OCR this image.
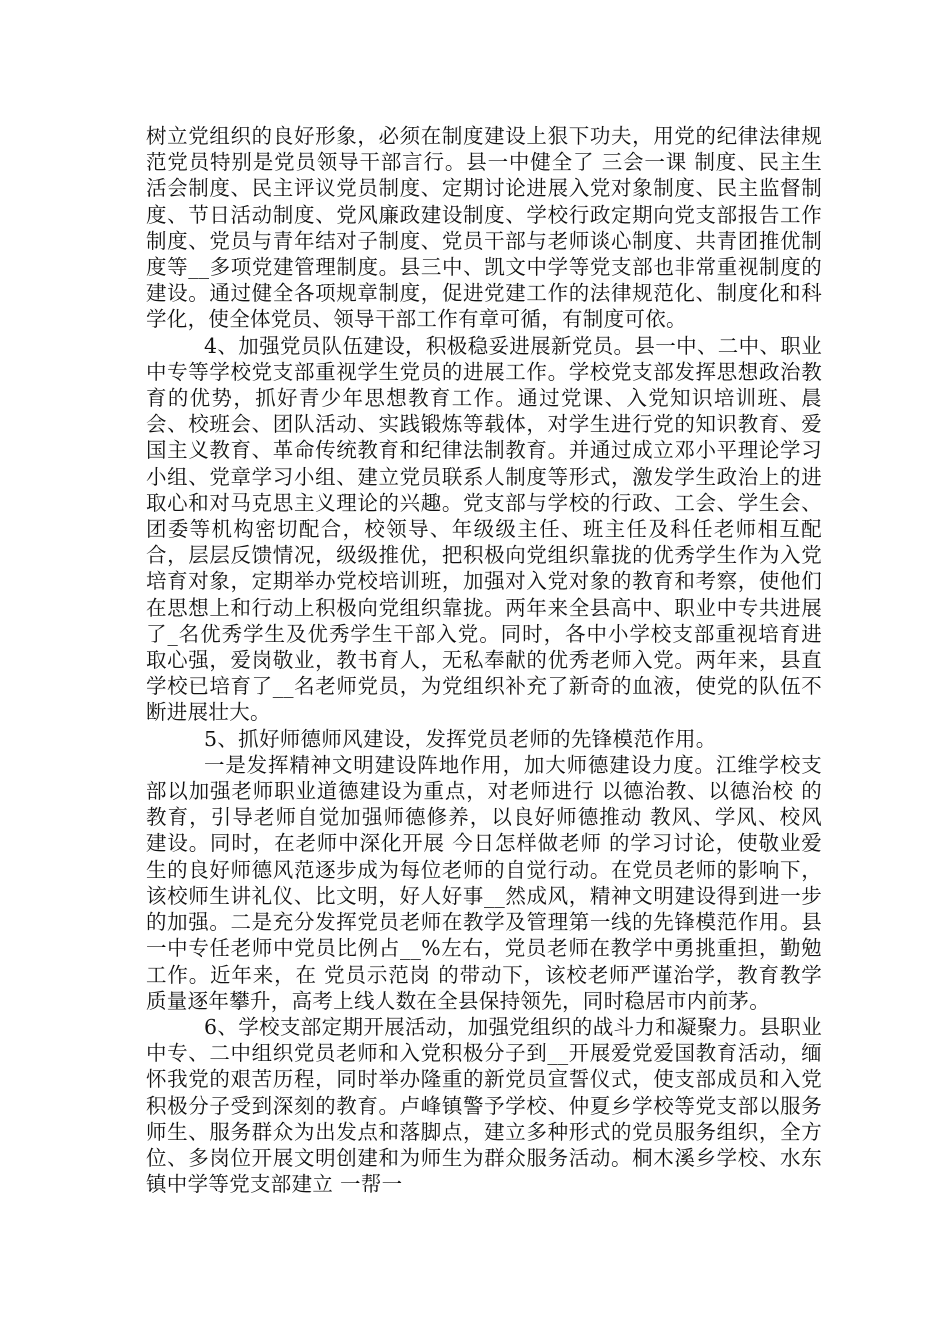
树立党组织的良好形象，必须在制度建设上狠下功夫，用党的纪律法律规范党员特别是党员领导干部言行。县一中健全了 三会一课 制度、民主生活会制度、民主评议党员制度、定期讨论进展入党对象制度、民主监督制度、节日活动制度、党风廉政建设制度、学校行政定期向党支部报告工作制度、党员与青年结对子制度、党员干部与老师谈心制度、共青团推优制度等__多项党建管理制度。县三中、凯文中学等党支部也非常重视制度的建设。通过健全各项规章制度，促进党建工作的法律规范化、制度化和科学化，使全体党员、领导干部工作有章可循，有制度可依。

4、加强党员队伍建设，积极稳妥进展新党员。县一中、二中、职业中专等学校党支部重视学生党员的进展工作。学校党支部发挥思想政治教育的优势，抓好青少年思想教育工作。通过党课、入党知识培训班、晨会、校班会、团队活动、实践锻炼等载体，对学生进行党的知识教育、爱国主义教育、革命传统教育和纪律法制教育。并通过成立邓小平理论学习小组、党章学习小组、建立党员联系人制度等形式，激发学生政治上的进取心和对马克思主义理论的兴趣。党支部与学校的行政、工会、学生会、团委等机构密切配合，校领导、年级级主任、班主任及科任老师相互配合，层层反馈情况，级级推优，把积极向党组织靠拢的优秀学生作为入党培育对象，定期举办党校培训班，加强对入党对象的教育和考察，使他们在思想上和行动上积极向党组织靠拢。两年来全县高中、职业中专共进展了_名优秀学生及优秀学生干部入党。同时，各中小学校支部重视培育进取心强，爱岗敬业，教书育人，无私奉献的优秀老师入党。两年来，县直学校已培育了__名老师党员，为党组织补充了新奇的血液，使党的队伍不断进展壮大。

5、抓好师德师风建设，发挥党员老师的先锋模范作用。

一是发挥精神文明建设阵地作用，加大师德建设力度。江维学校支部以加强老师职业道德建设为重点，对老师进行 以德治教、以德治校 的教育，引导老师自觉加强师德修养，以良好师德推动 教风、学风、校风 建设。同时，在老师中深化开展 今日怎样做老师 的学习讨论，使敬业爱生的良好师德风范逐步成为每位老师的自觉行动。在党员老师的影响下，该校师生讲礼仪、比文明，好人好事__然成风，精神文明建设得到进一步的加强。二是充分发挥党员老师在教学及管理第一线的先锋模范作用。县一中专任老师中党员比例占__%左右，党员老师在教学中勇挑重担，勤勉工作。近年来，在 党员示范岗 的带动下，该校老师严谨治学，教育教学质量逐年攀升，高考上线人数在全县保持领先，同时稳居市内前茅。

6、学校支部定期开展活动，加强党组织的战斗力和凝聚力。县职业中专、二中组织党员老师和入党积极分子到__开展爱党爱国教育活动，缅怀我党的艰苦历程，同时举办隆重的新党员宣誓仪式，使支部成员和入党积极分子受到深刻的教育。卢峰镇警予学校、仲夏乡学校等党支部以服务师生、服务群众为出发点和落脚点，建立多种形式的党员服务组织，全方位、多岗位开展文明创建和为师生为群众服务活动。桐木溪乡学校、水东镇中学等党支部建立 一帮一
